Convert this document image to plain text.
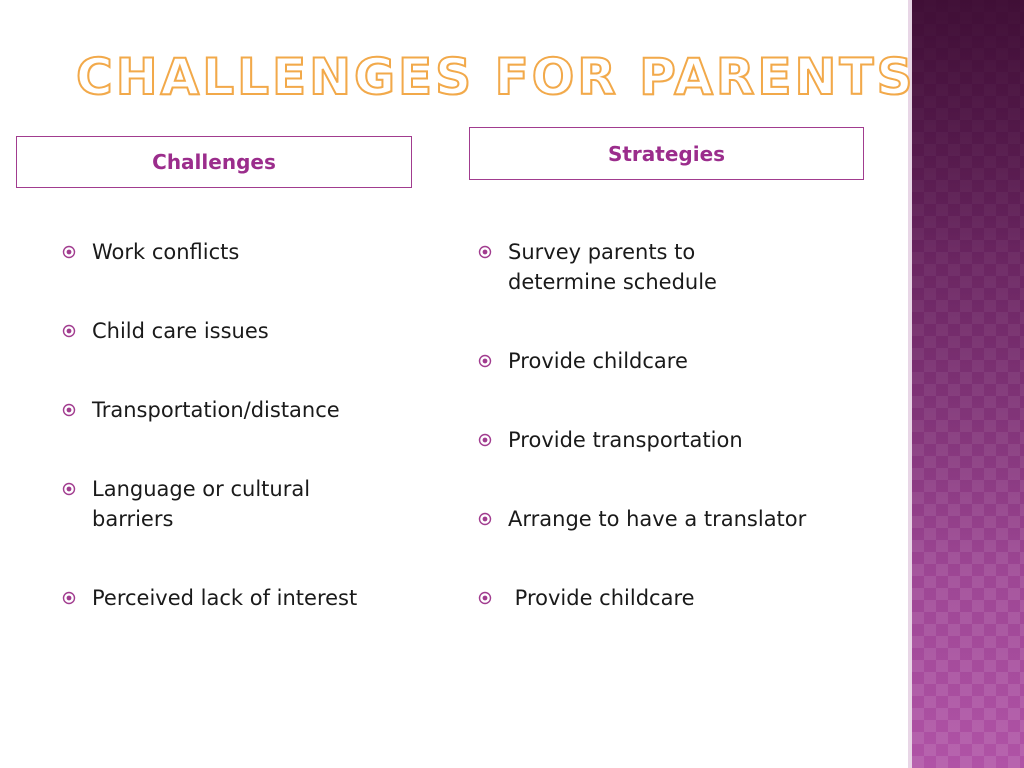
CHALLENGES FOR PARENTS
Challenges	Strategies
Work conflicts
Child care issues
Transportation/distance
Language or cultural barriers
Perceived lack of interest
Survey parents to determine schedule
Provide childcare
Provide transportation
Arrange to have a translator
Provide childcare
